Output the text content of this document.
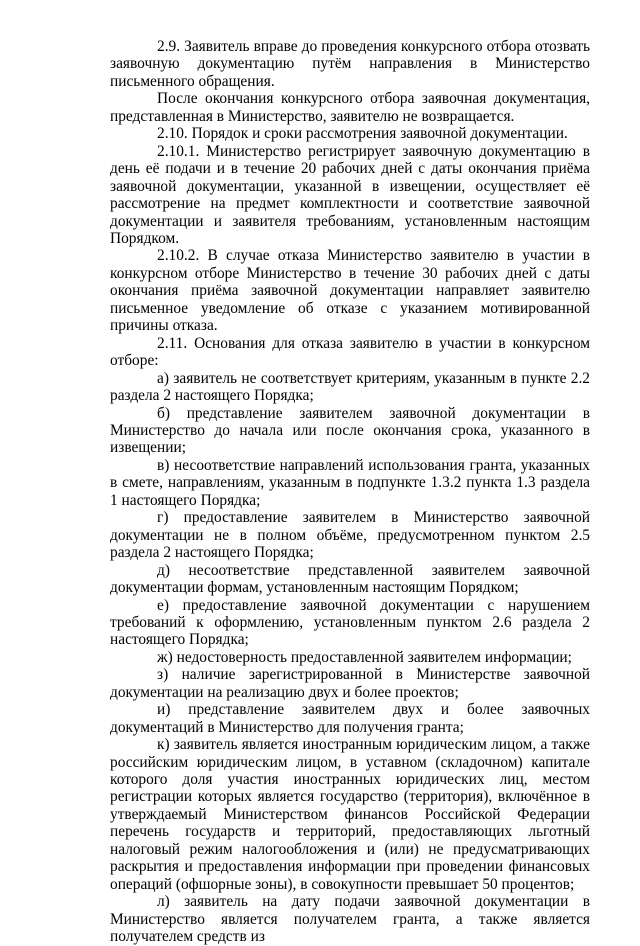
2.9. Заявитель вправе до проведения конкурсного отбора отозвать заявочную документацию путём направления в Министерство письменного обращения.

После окончания конкурсного отбора заявочная документация, представленная в Министерство, заявителю не возвращается.

2.10. Порядок и сроки рассмотрения заявочной документации.

2.10.1. Министерство регистрирует заявочную документацию в день её подачи и в течение 20 рабочих дней с даты окончания приёма заявочной документации, указанной в извещении, осуществляет её рассмотрение на предмет комплектности и соответствие заявочной документации и заявителя требованиям, установленным настоящим Порядком.

2.10.2. В случае отказа Министерство заявителю в участии в конкурсном отборе Министерство в течение 30 рабочих дней с даты окончания приёма заявочной документации направляет заявителю письменное уведомление об отказе с указанием мотивированной причины отказа.

2.11. Основания для отказа заявителю в участии в конкурсном отборе:

а) заявитель не соответствует критериям, указанным в пункте 2.2 раздела 2 настоящего Порядка;

б) представление заявителем заявочной документации в Министерство до начала или после окончания срока, указанного в извещении;

в) несоответствие направлений использования гранта, указанных в смете, направлениям, указанным в подпункте 1.3.2 пункта 1.3 раздела 1 настоящего Порядка;

г) предоставление заявителем в Министерство заявочной документации не в полном объёме, предусмотренном пунктом 2.5 раздела 2 настоящего Порядка;

д) несоответствие представленной заявителем заявочной документации формам, установленным настоящим Порядком;

е) предоставление заявочной документации с нарушением требований к оформлению, установленным пунктом 2.6 раздела 2 настоящего Порядка;

ж) недостоверность предоставленной заявителем информации;

з) наличие зарегистрированной в Министерстве заявочной документации на реализацию двух и более проектов;

и) представление заявителем двух и более заявочных документаций в Министерство для получения гранта;

к) заявитель является иностранным юридическим лицом, а также российским юридическим лицом, в уставном (складочном) капитале которого доля участия иностранных юридических лиц, местом регистрации которых является государство (территория), включённое в утверждаемый Министерством финансов Российской Федерации перечень государств и территорий, предоставляющих льготный налоговый режим налогообложения и (или) не предусматривающих раскрытия и предоставления информации при проведении финансовых операций (офшорные зоны), в совокупности превышает 50 процентов;

л) заявитель на дату подачи заявочной документации в Министерство является получателем гранта, а также является получателем средств из
